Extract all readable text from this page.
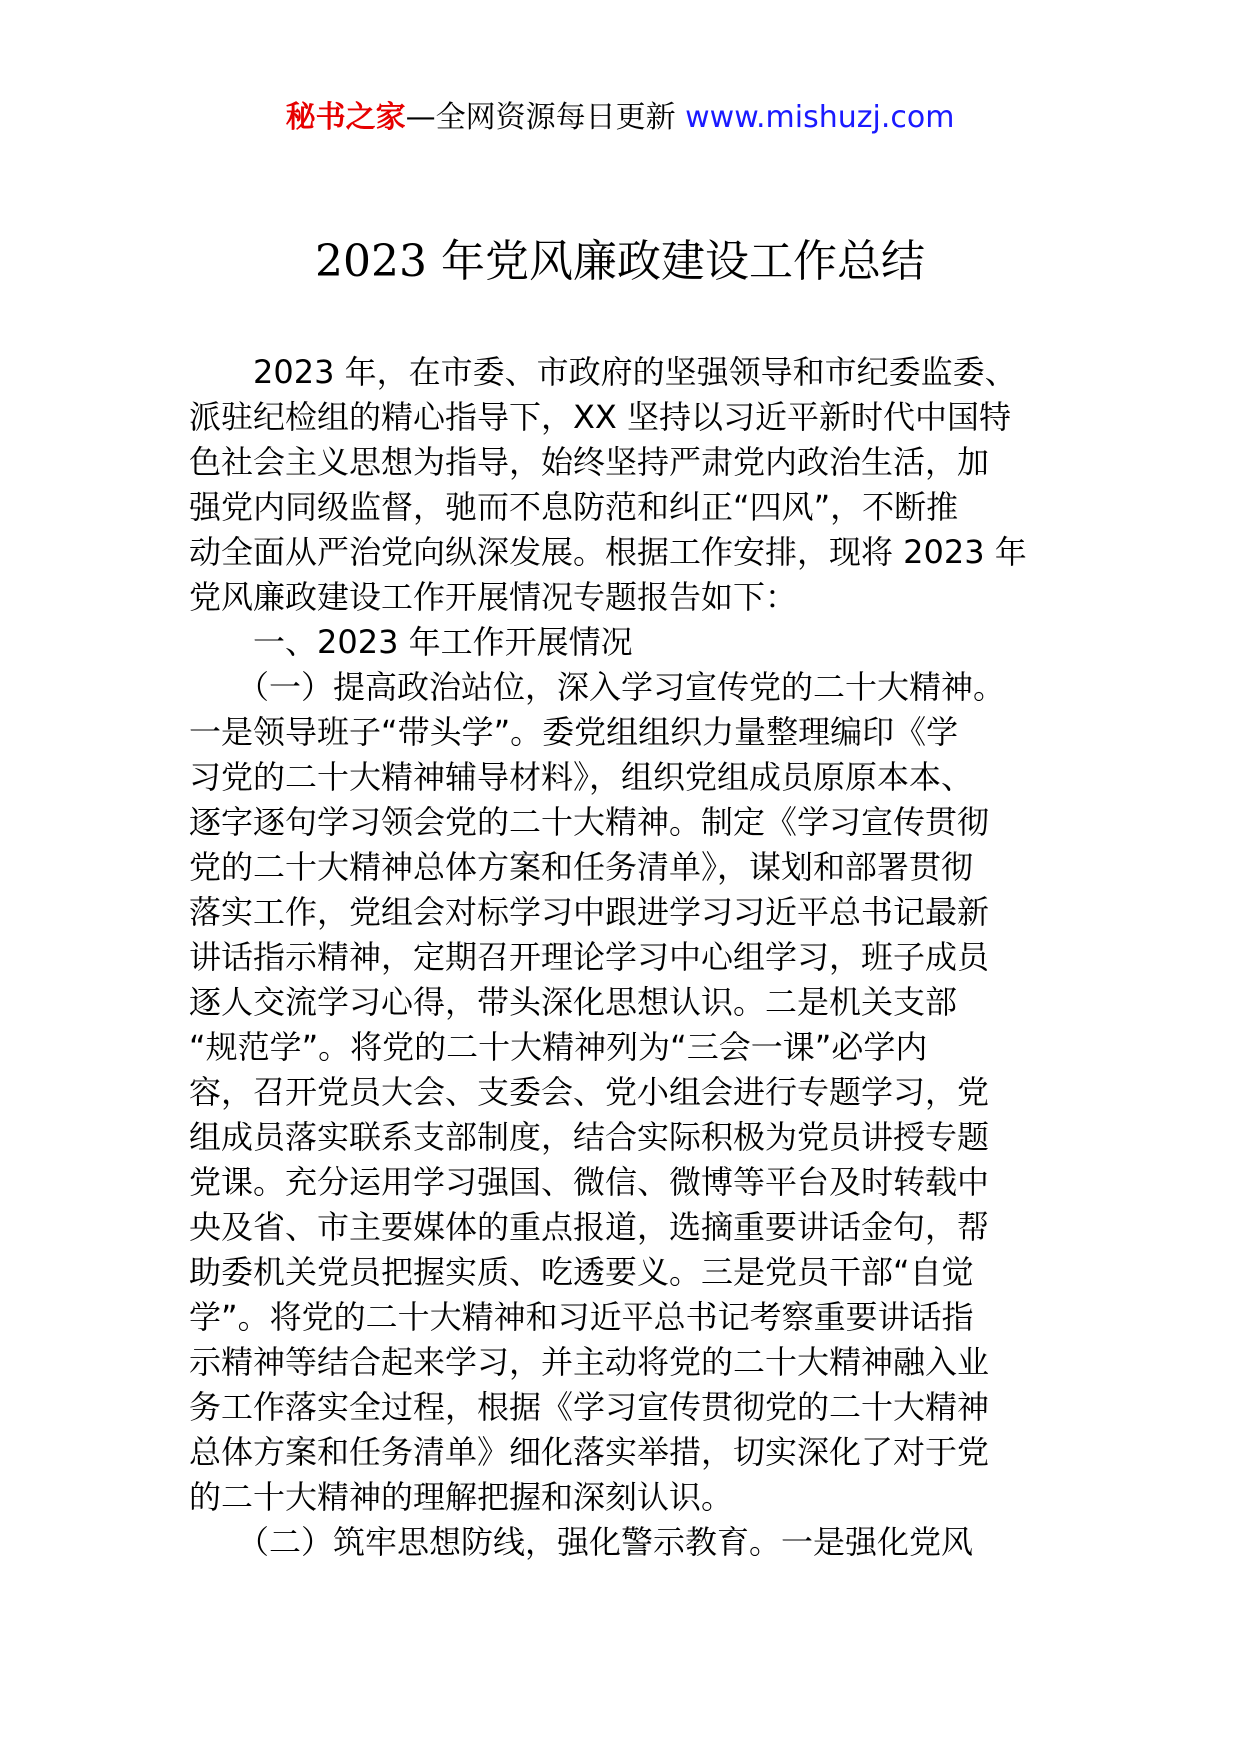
秘书之家—全网资源每日更新 www.mishuzj.com
2023 年党风廉政建设工作总结
　　2023 年，在市委、市政府的坚强领导和市纪委监委、
派驻纪检组的精心指导下，XX 坚持以习近平新时代中国特
色社会主义思想为指导，始终坚持严肃党内政治生活，加
强党内同级监督，驰而不息防范和纠正“四风”，不断推
动全面从严治党向纵深发展。根据工作安排，现将 2023 年
党风廉政建设工作开展情况专题报告如下：
　　一、2023 年工作开展情况
　　（一）提高政治站位，深入学习宣传党的二十大精神。
一是领导班子“带头学”。委党组组织力量整理编印《学
习党的二十大精神辅导材料》，组织党组成员原原本本、
逐字逐句学习领会党的二十大精神。制定《学习宣传贯彻
党的二十大精神总体方案和任务清单》，谋划和部署贯彻
落实工作，党组会对标学习中跟进学习习近平总书记最新
讲话指示精神，定期召开理论学习中心组学习，班子成员
逐人交流学习心得，带头深化思想认识。二是机关支部
“规范学”。将党的二十大精神列为“三会一课”必学内
容，召开党员大会、支委会、党小组会进行专题学习，党
组成员落实联系支部制度，结合实际积极为党员讲授专题
党课。充分运用学习强国、微信、微博等平台及时转载中
央及省、市主要媒体的重点报道，选摘重要讲话金句，帮
助委机关党员把握实质、吃透要义。三是党员干部“自觉
学”。将党的二十大精神和习近平总书记考察重要讲话指
示精神等结合起来学习，并主动将党的二十大精神融入业
务工作落实全过程，根据《学习宣传贯彻党的二十大精神
总体方案和任务清单》细化落实举措，切实深化了对于党
的二十大精神的理解把握和深刻认识。
　　（二）筑牢思想防线，强化警示教育。一是强化党风
